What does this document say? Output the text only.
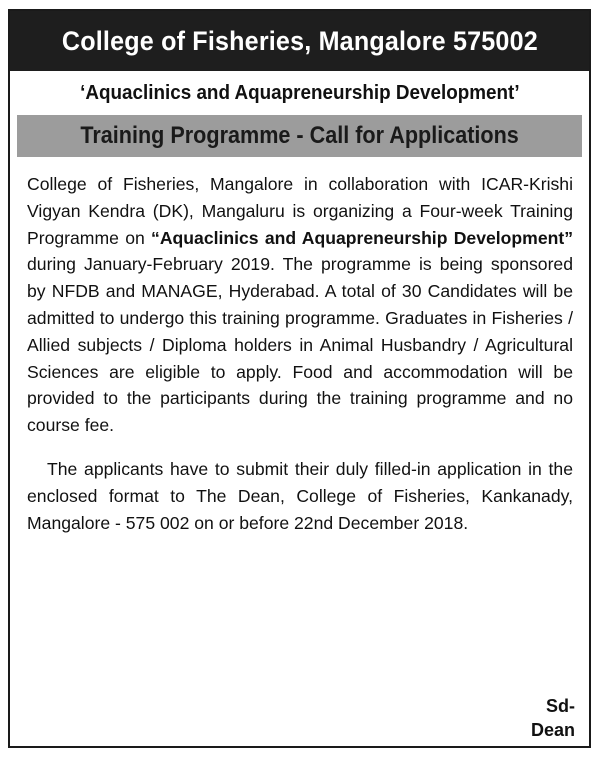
College of Fisheries, Mangalore 575002
‘Aquaclinics and Aquapreneurship Development’
Training Programme - Call for Applications

College of Fisheries, Mangalore in collaboration with ICAR-Krishi Vigyan Kendra (DK), Mangaluru is organizing a Four-week Training Programme on “Aquaclinics and Aquapreneurship Development” during January-February 2019. The programme is being sponsored by NFDB and MANAGE, Hyderabad. A total of 30 Candidates will be admitted to undergo this training programme. Graduates in Fisheries / Allied subjects / Diploma holders in Animal Husbandry / Agricultural Sciences are eligible to apply. Food and accommodation will be provided to the participants during the training programme and no course fee.

The applicants have to submit their duly filled-in application in the enclosed format to The Dean, College of Fisheries, Kankanady, Mangalore - 575 002 on or before 22nd December 2018.

Sd-
Dean
